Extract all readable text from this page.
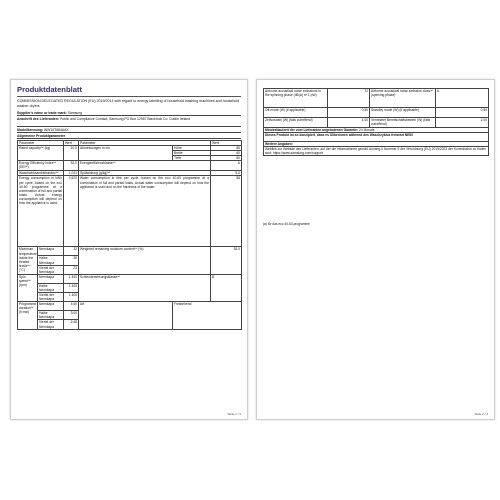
Produktdatenblatt
COMMISSION DELEGATED REGULATION (EU) 2019/2014 with regard to energy labelling of household washing machines and household washer dryers
Supplier's name or trade mark: Samsung
Anschrift des Lieferanten: Public and Compliance Contact, Samsung PO Box 12987 Blackrock Co. Dublin Ireland
Modellkennung: WW10T684AAX
Allgemeine Produktparameter
Parameter		Wert	Parameter		Wert
Rated capacity⁽ᵃ⁾ (kg)		10,5	Abmessungen in cm	Höhe	85
				Breite	60
				Tiefe	60
Energy Efficiency Index⁽ᵃ⁾ (EEIᵂ)		52,0	Energieeffizienzklasse⁽ᵃ⁾		A
Waschwirksamkeitsindex⁽ᵃ⁾		1,031	Spülwirkung (g/kg)⁽ᵃ⁾		5,0
Energy consumption in kWh per cycle, based on the eco 40-60 programme at a combination of full and partial loads. Actual energy consumption will depend on how the appliance is used.		0,523	Water consumption in litre per cycle, based on the eco 40-60 programme at a combination of full and partial loads. Actual water consumption will depend on how the appliance is used and on the hardness of the water.		58
Maximum temperature inside the treated textile⁽ᵃ⁾ (°C)	Nennkapa	32	Weighted remaining moisture content⁽ᵃ⁾ (%)		53,0
	Halbe Nennkapa	28			
	Viertel der Nennkapa	23			
Spin speed⁽ᵃ⁾ (rpm)	Nennkapa	1 400	Schleuderwirkungsklasse⁽ᵃ⁾		B
	Halbe Nennkapa	1 400			
	Viertel der Nennkapa	1 400			
Programme duration⁽ᵃ⁾ (h:min)	Nennkapa	4:00	Art	Freistehend	
	Halbe Nennkapa	3:00			
	Viertel der Nennkapa	2:48			
Seite 1 / 2
Airborne acoustical noise emissions in the spinning phase (dB(A) re 1 pW)	72	Airborne acoustical noise emission class⁽ᵃ⁾ (spinning phase)	A
Off-mode (W) (if applicable)	0,50	Standby mode (W) (if applicable)	0,50
Zeitvorwahl (W) (falls zutreffend)	4,00	Vernetzter Bereitschaftsbetrieb (W) (falls zutreffend)	2,00
Mindestlaufzeit der vom Lieferanten angebotenen Garantie: 24 Monate			
Dieses Produkt ist so konzipiert, dass es Silberionen während des Waschzyklus freisetzt NEIN			
Weitere Angaben:			
Weblink zur Website des Lieferanten, auf der die Informationen gemäß Anhang II Nummer 9 der Verordnung (EU) 2019/2023 der Kommission zu finden sind: https://www.samsung.com/support			
(a) für das eco 40-60-programme
Seite 2 / 2
